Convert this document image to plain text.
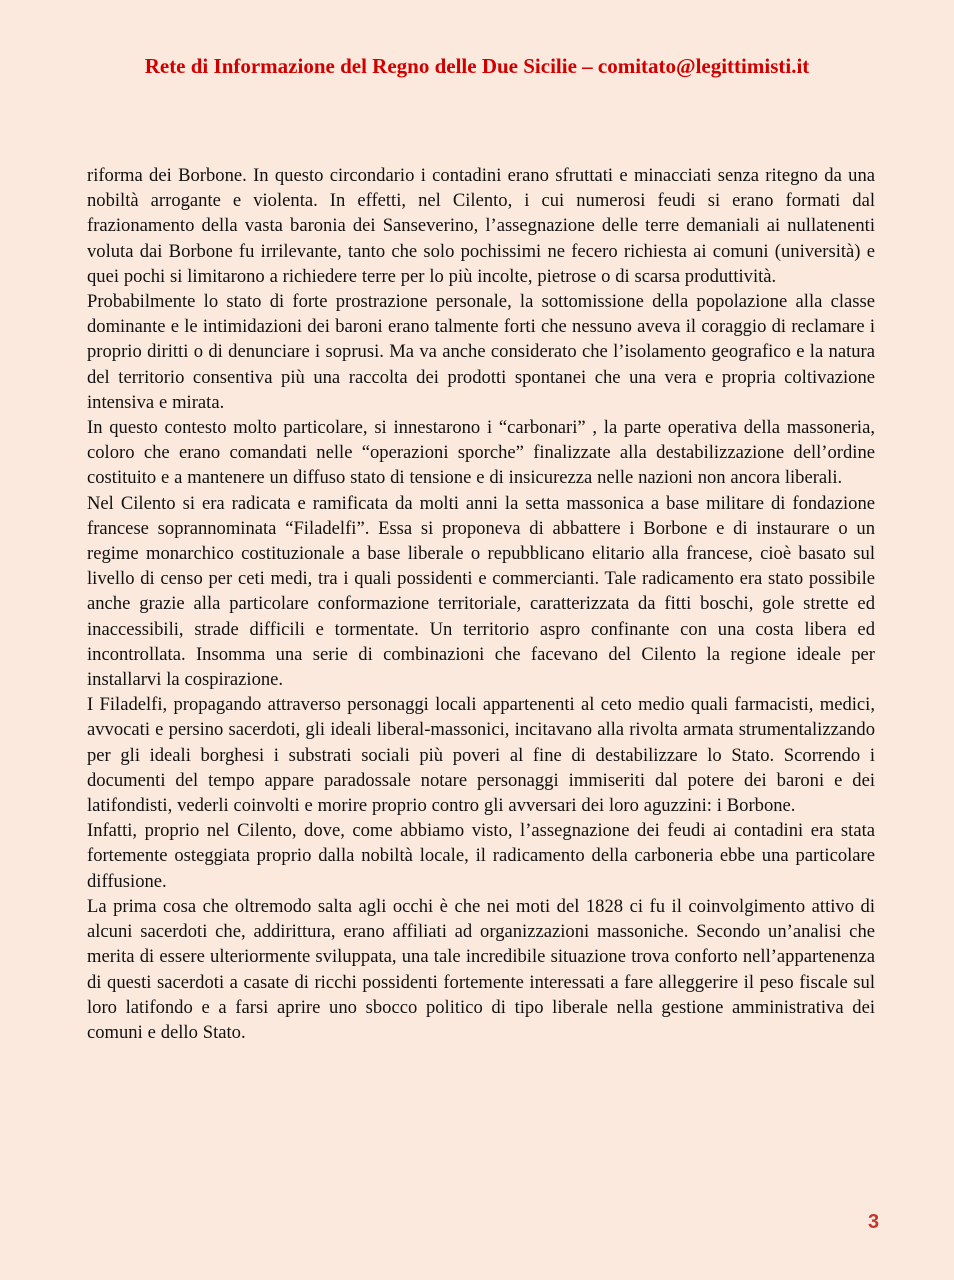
Rete di Informazione del Regno delle Due Sicilie – comitato@legittimisti.it

riforma dei Borbone. In questo circondario i contadini erano sfruttati e minacciati senza ritegno da una nobiltà arrogante e violenta. In effetti, nel Cilento, i cui numerosi feudi si erano formati dal frazionamento della vasta baronia dei Sanseverino, l’assegnazione delle terre demaniali ai nullatenenti voluta dai Borbone fu irrilevante, tanto che solo pochissimi ne fecero richiesta ai comuni (università) e quei pochi si limitarono a richiedere terre per lo più incolte, pietrose o di scarsa produttività.

Probabilmente lo stato di forte prostrazione personale, la sottomissione della popolazione alla classe dominante e le intimidazioni dei baroni erano talmente forti che nessuno aveva il coraggio di reclamare i proprio diritti o di denunciare i soprusi. Ma va anche considerato che l’isolamento geografico e la natura del territorio consentiva più una raccolta dei prodotti spontanei che una vera e propria coltivazione intensiva e mirata.

In questo contesto molto particolare, si innestarono i “carbonari” , la parte operativa della massoneria, coloro che erano comandati nelle “operazioni sporche” finalizzate alla destabilizzazione dell’ordine costituito e a mantenere un diffuso stato di tensione e di insicurezza nelle nazioni non ancora liberali.

Nel Cilento si era radicata e ramificata da molti anni la setta massonica a base militare di fondazione francese soprannominata “Filadelfi”. Essa si proponeva di abbattere i Borbone e di instaurare o un regime monarchico costituzionale a base liberale o repubblicano elitario alla francese, cioè basato sul livello di censo per ceti medi, tra i quali possidenti e commercianti. Tale radicamento era stato possibile anche grazie alla particolare conformazione territoriale, caratterizzata da fitti boschi, gole strette ed inaccessibili, strade difficili e tormentate. Un territorio aspro confinante con una costa libera ed incontrollata. Insomma una serie di combinazioni che facevano del Cilento la regione ideale per installarvi la cospirazione.

I Filadelfi, propagando attraverso personaggi locali appartenenti al ceto medio quali farmacisti, medici, avvocati e persino sacerdoti, gli ideali liberal-massonici, incitavano alla rivolta armata strumentalizzando per gli ideali borghesi i substrati sociali più poveri al fine di destabilizzare lo Stato. Scorrendo i documenti del tempo appare paradossale notare personaggi immiseriti dal potere dei baroni e dei latifondisti, vederli coinvolti e morire proprio contro gli avversari dei loro aguzzini: i Borbone.

Infatti, proprio nel Cilento, dove, come abbiamo visto, l’assegnazione dei feudi ai contadini era stata fortemente osteggiata proprio dalla nobiltà locale, il radicamento della carboneria ebbe una particolare diffusione.

La prima cosa che oltremodo salta agli occhi è che nei moti del 1828 ci fu il coinvolgimento attivo di alcuni sacerdoti che, addirittura, erano affiliati ad organizzazioni massoniche. Secondo un’analisi che merita di essere ulteriormente sviluppata, una tale incredibile situazione trova conforto nell’appartenenza di questi sacerdoti a casate di ricchi possidenti fortemente interessati a fare alleggerire il peso fiscale sul loro latifondo e a farsi aprire uno sbocco politico di tipo liberale nella gestione amministrativa dei comuni e dello Stato.

3
